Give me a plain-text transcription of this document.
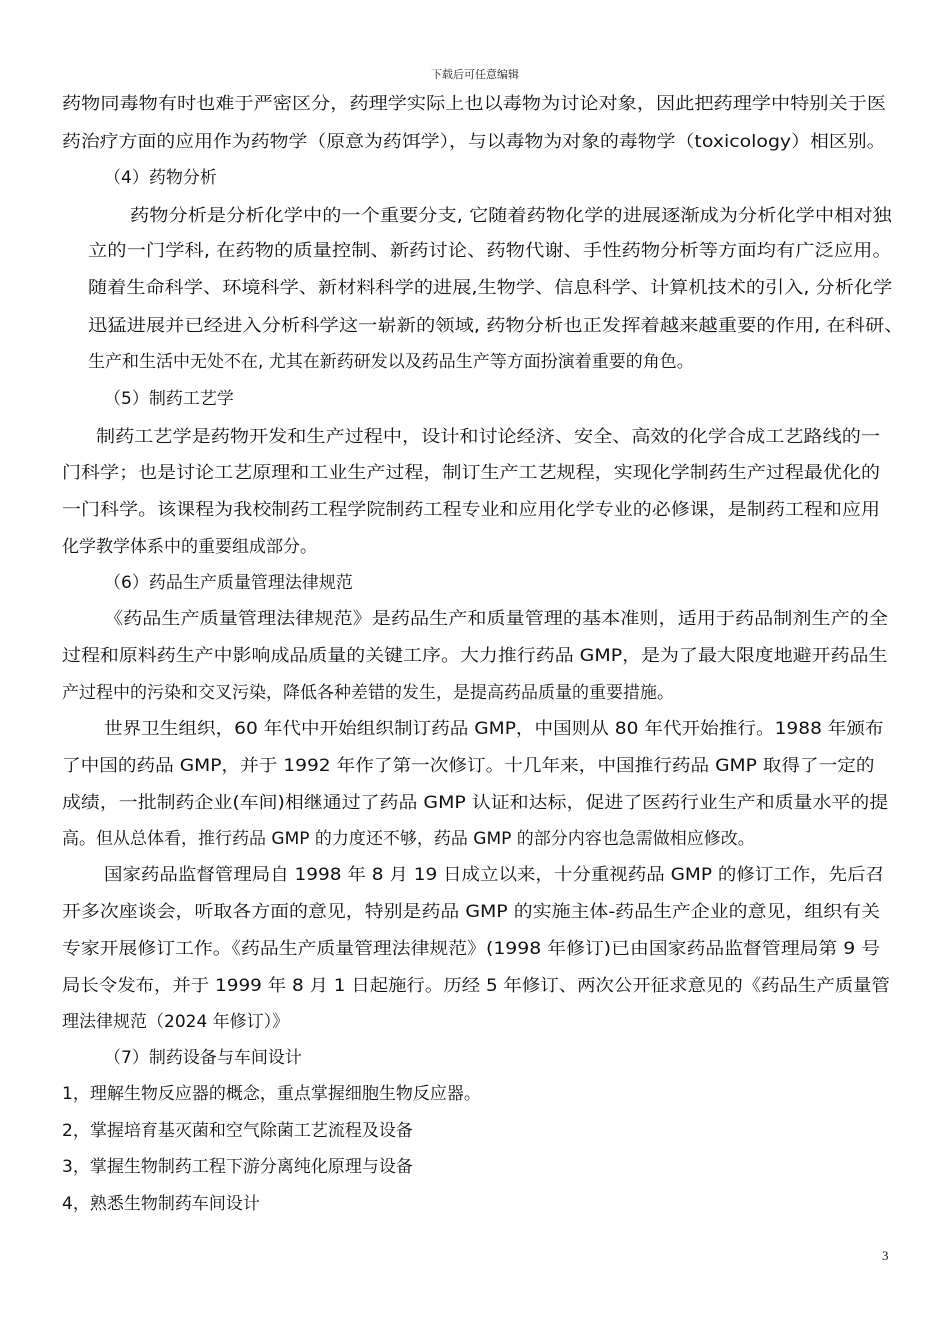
下载后可任意编辑
药物同毒物有时也难于严密区分，药理学实际上也以毒物为讨论对象，因此把药理学中特别关于医
药治疗方面的应用作为药物学（原意为药饵学），与以毒物为对象的毒物学（toxicology）相区别。
（4）药物分析
药物分析是分析化学中的一个重要分支, 它随着药物化学的进展逐渐成为分析化学中相对独
立的一门学科, 在药物的质量控制、新药讨论、药物代谢、手性药物分析等方面均有广泛应用。
随着生命科学、环境科学、新材料科学的进展,生物学、信息科学、计算机技术的引入, 分析化学
迅猛进展并已经进入分析科学这一崭新的领域, 药物分析也正发挥着越来越重要的作用, 在科研、
生产和生活中无处不在, 尤其在新药研发以及药品生产等方面扮演着重要的角色。
（5）制药工艺学
制药工艺学是药物开发和生产过程中，设计和讨论经济、安全、高效的化学合成工艺路线的一
门科学；也是讨论工艺原理和工业生产过程，制订生产工艺规程，实现化学制药生产过程最优化的
一门科学。该课程为我校制药工程学院制药工程专业和应用化学专业的必修课，是制药工程和应用
化学教学体系中的重要组成部分。
（6）药品生产质量管理法律规范
《药品生产质量管理法律规范》是药品生产和质量管理的基本准则，适用于药品制剂生产的全
过程和原料药生产中影响成品质量的关键工序。大力推行药品 GMP，是为了最大限度地避开药品生
产过程中的污染和交叉污染，降低各种差错的发生，是提高药品质量的重要措施。
世界卫生组织，60 年代中开始组织制订药品 GMP，中国则从 80 年代开始推行。1988 年颁布
了中国的药品 GMP，并于 1992 年作了第一次修订。十几年来，中国推行药品 GMP 取得了一定的
成绩，一批制药企业(车间)相继通过了药品 GMP 认证和达标，促进了医药行业生产和质量水平的提
高。但从总体看，推行药品 GMP 的力度还不够，药品 GMP 的部分内容也急需做相应修改。
国家药品监督管理局自 1998 年 8 月 19 日成立以来，十分重视药品 GMP 的修订工作，先后召
开多次座谈会，听取各方面的意见，特别是药品 GMP 的实施主体-药品生产企业的意见，组织有关
专家开展修订工作。《药品生产质量管理法律规范》(1998 年修订)已由国家药品监督管理局第 9 号
局长令发布，并于 1999 年 8 月 1 日起施行。历经 5 年修订、两次公开征求意见的《药品生产质量管
理法律规范（2024 年修订）》
（7）制药设备与车间设计
1，理解生物反应器的概念，重点掌握细胞生物反应器。
2，掌握培育基灭菌和空气除菌工艺流程及设备
3，掌握生物制药工程下游分离纯化原理与设备
4，熟悉生物制药车间设计
3
